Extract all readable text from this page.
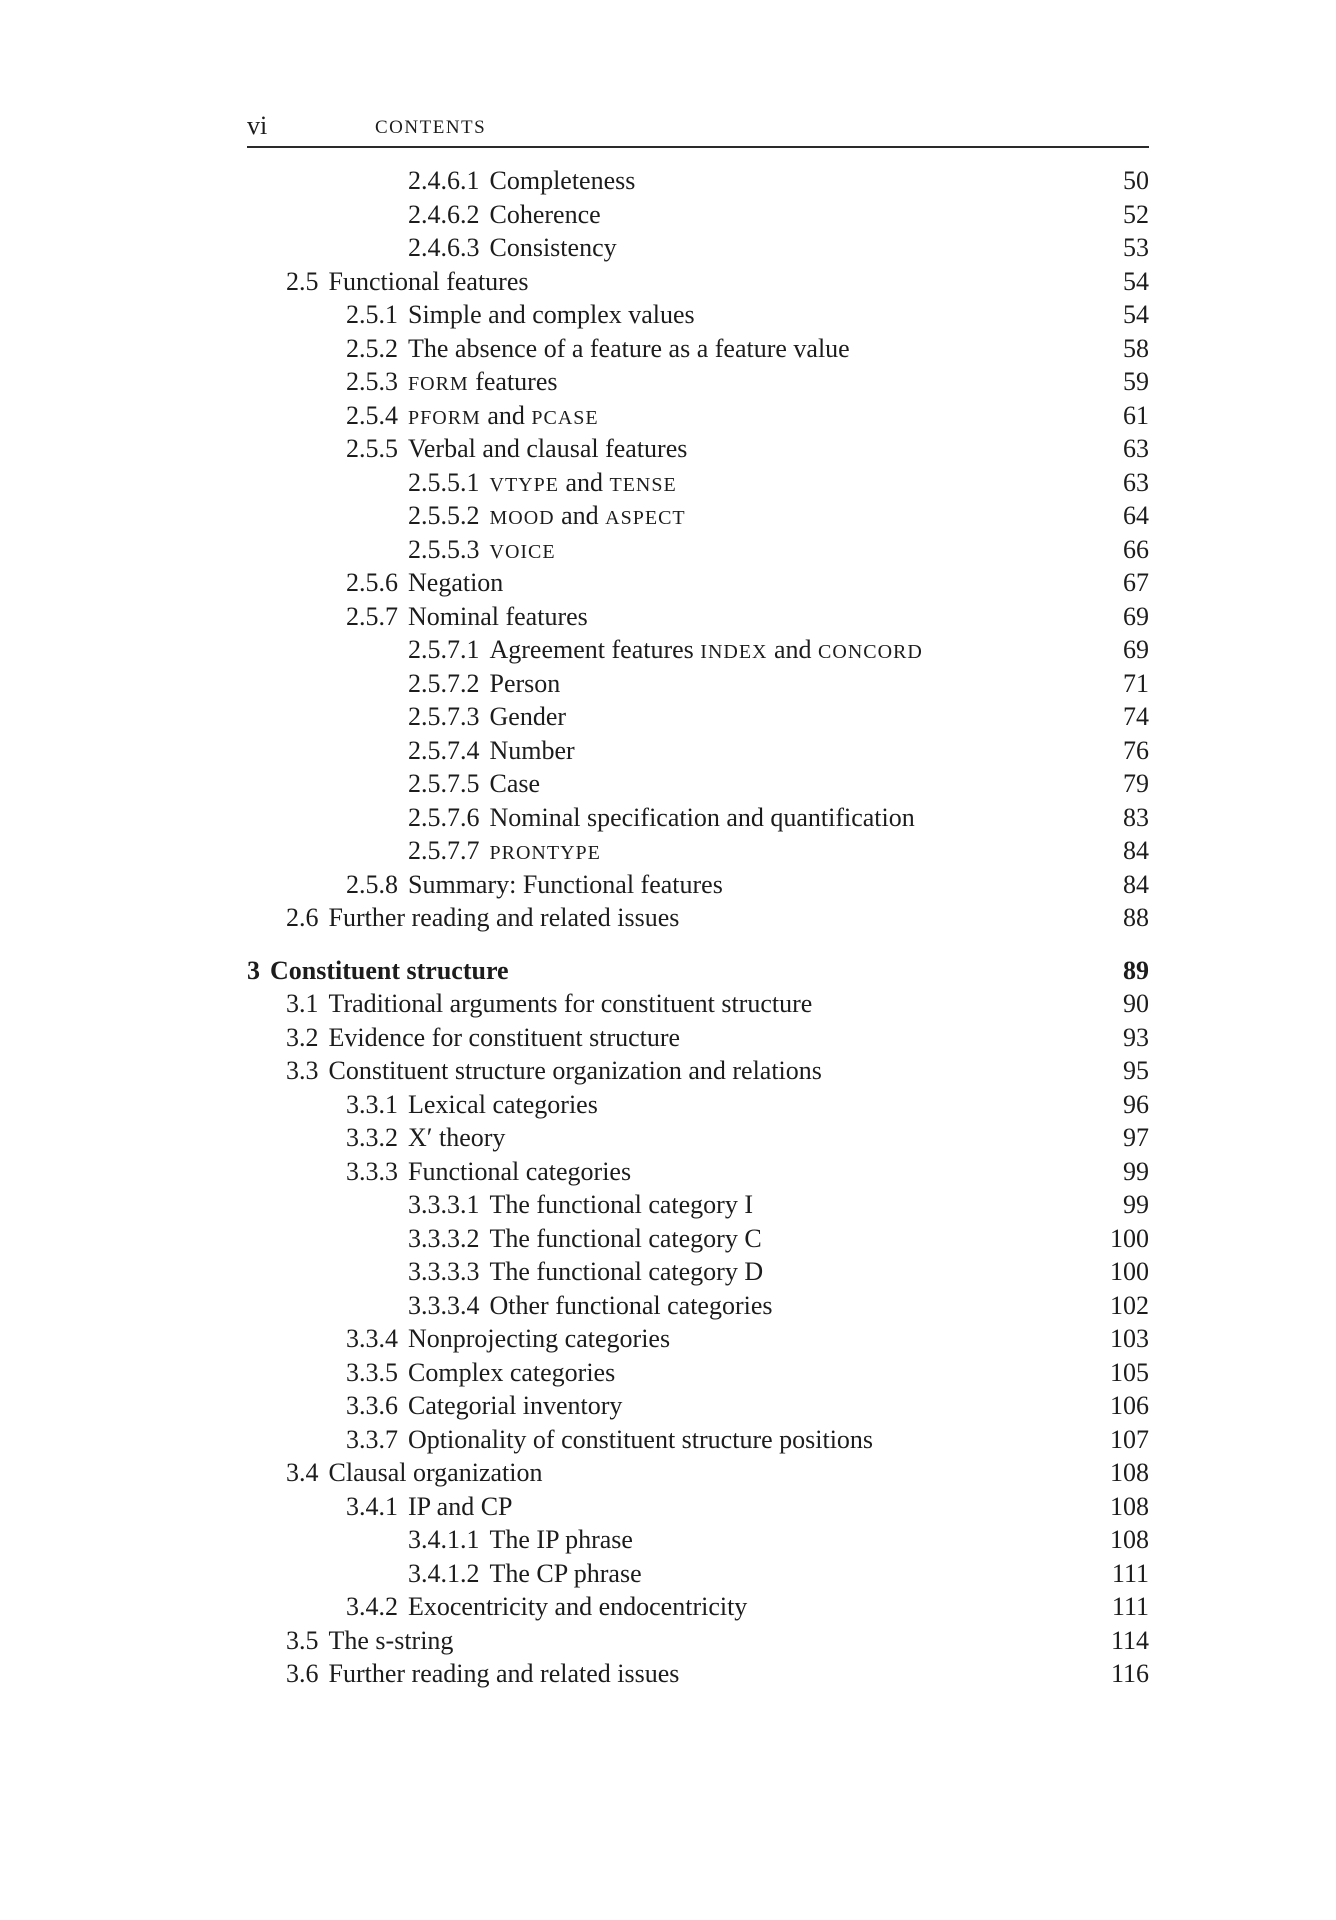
vi	CONTENTS
2.4.6.1 Completeness	50
2.4.6.2 Coherence	52
2.4.6.3 Consistency	53
2.5 Functional features	54
2.5.1 Simple and complex values	54
2.5.2 The absence of a feature as a feature value	58
2.5.3 FORM features	59
2.5.4 PFORM and PCASE	61
2.5.5 Verbal and clausal features	63
2.5.5.1 VTYPE and TENSE	63
2.5.5.2 MOOD and ASPECT	64
2.5.5.3 VOICE	66
2.5.6 Negation	67
2.5.7 Nominal features	69
2.5.7.1 Agreement features INDEX and CONCORD	69
2.5.7.2 Person	71
2.5.7.3 Gender	74
2.5.7.4 Number	76
2.5.7.5 Case	79
2.5.7.6 Nominal specification and quantification	83
2.5.7.7 PRONTYPE	84
2.5.8 Summary: Functional features	84
2.6 Further reading and related issues	88
3 Constituent structure	89
3.1 Traditional arguments for constituent structure	90
3.2 Evidence for constituent structure	93
3.3 Constituent structure organization and relations	95
3.3.1 Lexical categories	96
3.3.2 X′ theory	97
3.3.3 Functional categories	99
3.3.3.1 The functional category I	99
3.3.3.2 The functional category C	100
3.3.3.3 The functional category D	100
3.3.3.4 Other functional categories	102
3.3.4 Nonprojecting categories	103
3.3.5 Complex categories	105
3.3.6 Categorial inventory	106
3.3.7 Optionality of constituent structure positions	107
3.4 Clausal organization	108
3.4.1 IP and CP	108
3.4.1.1 The IP phrase	108
3.4.1.2 The CP phrase	111
3.4.2 Exocentricity and endocentricity	111
3.5 The s-string	114
3.6 Further reading and related issues	116
